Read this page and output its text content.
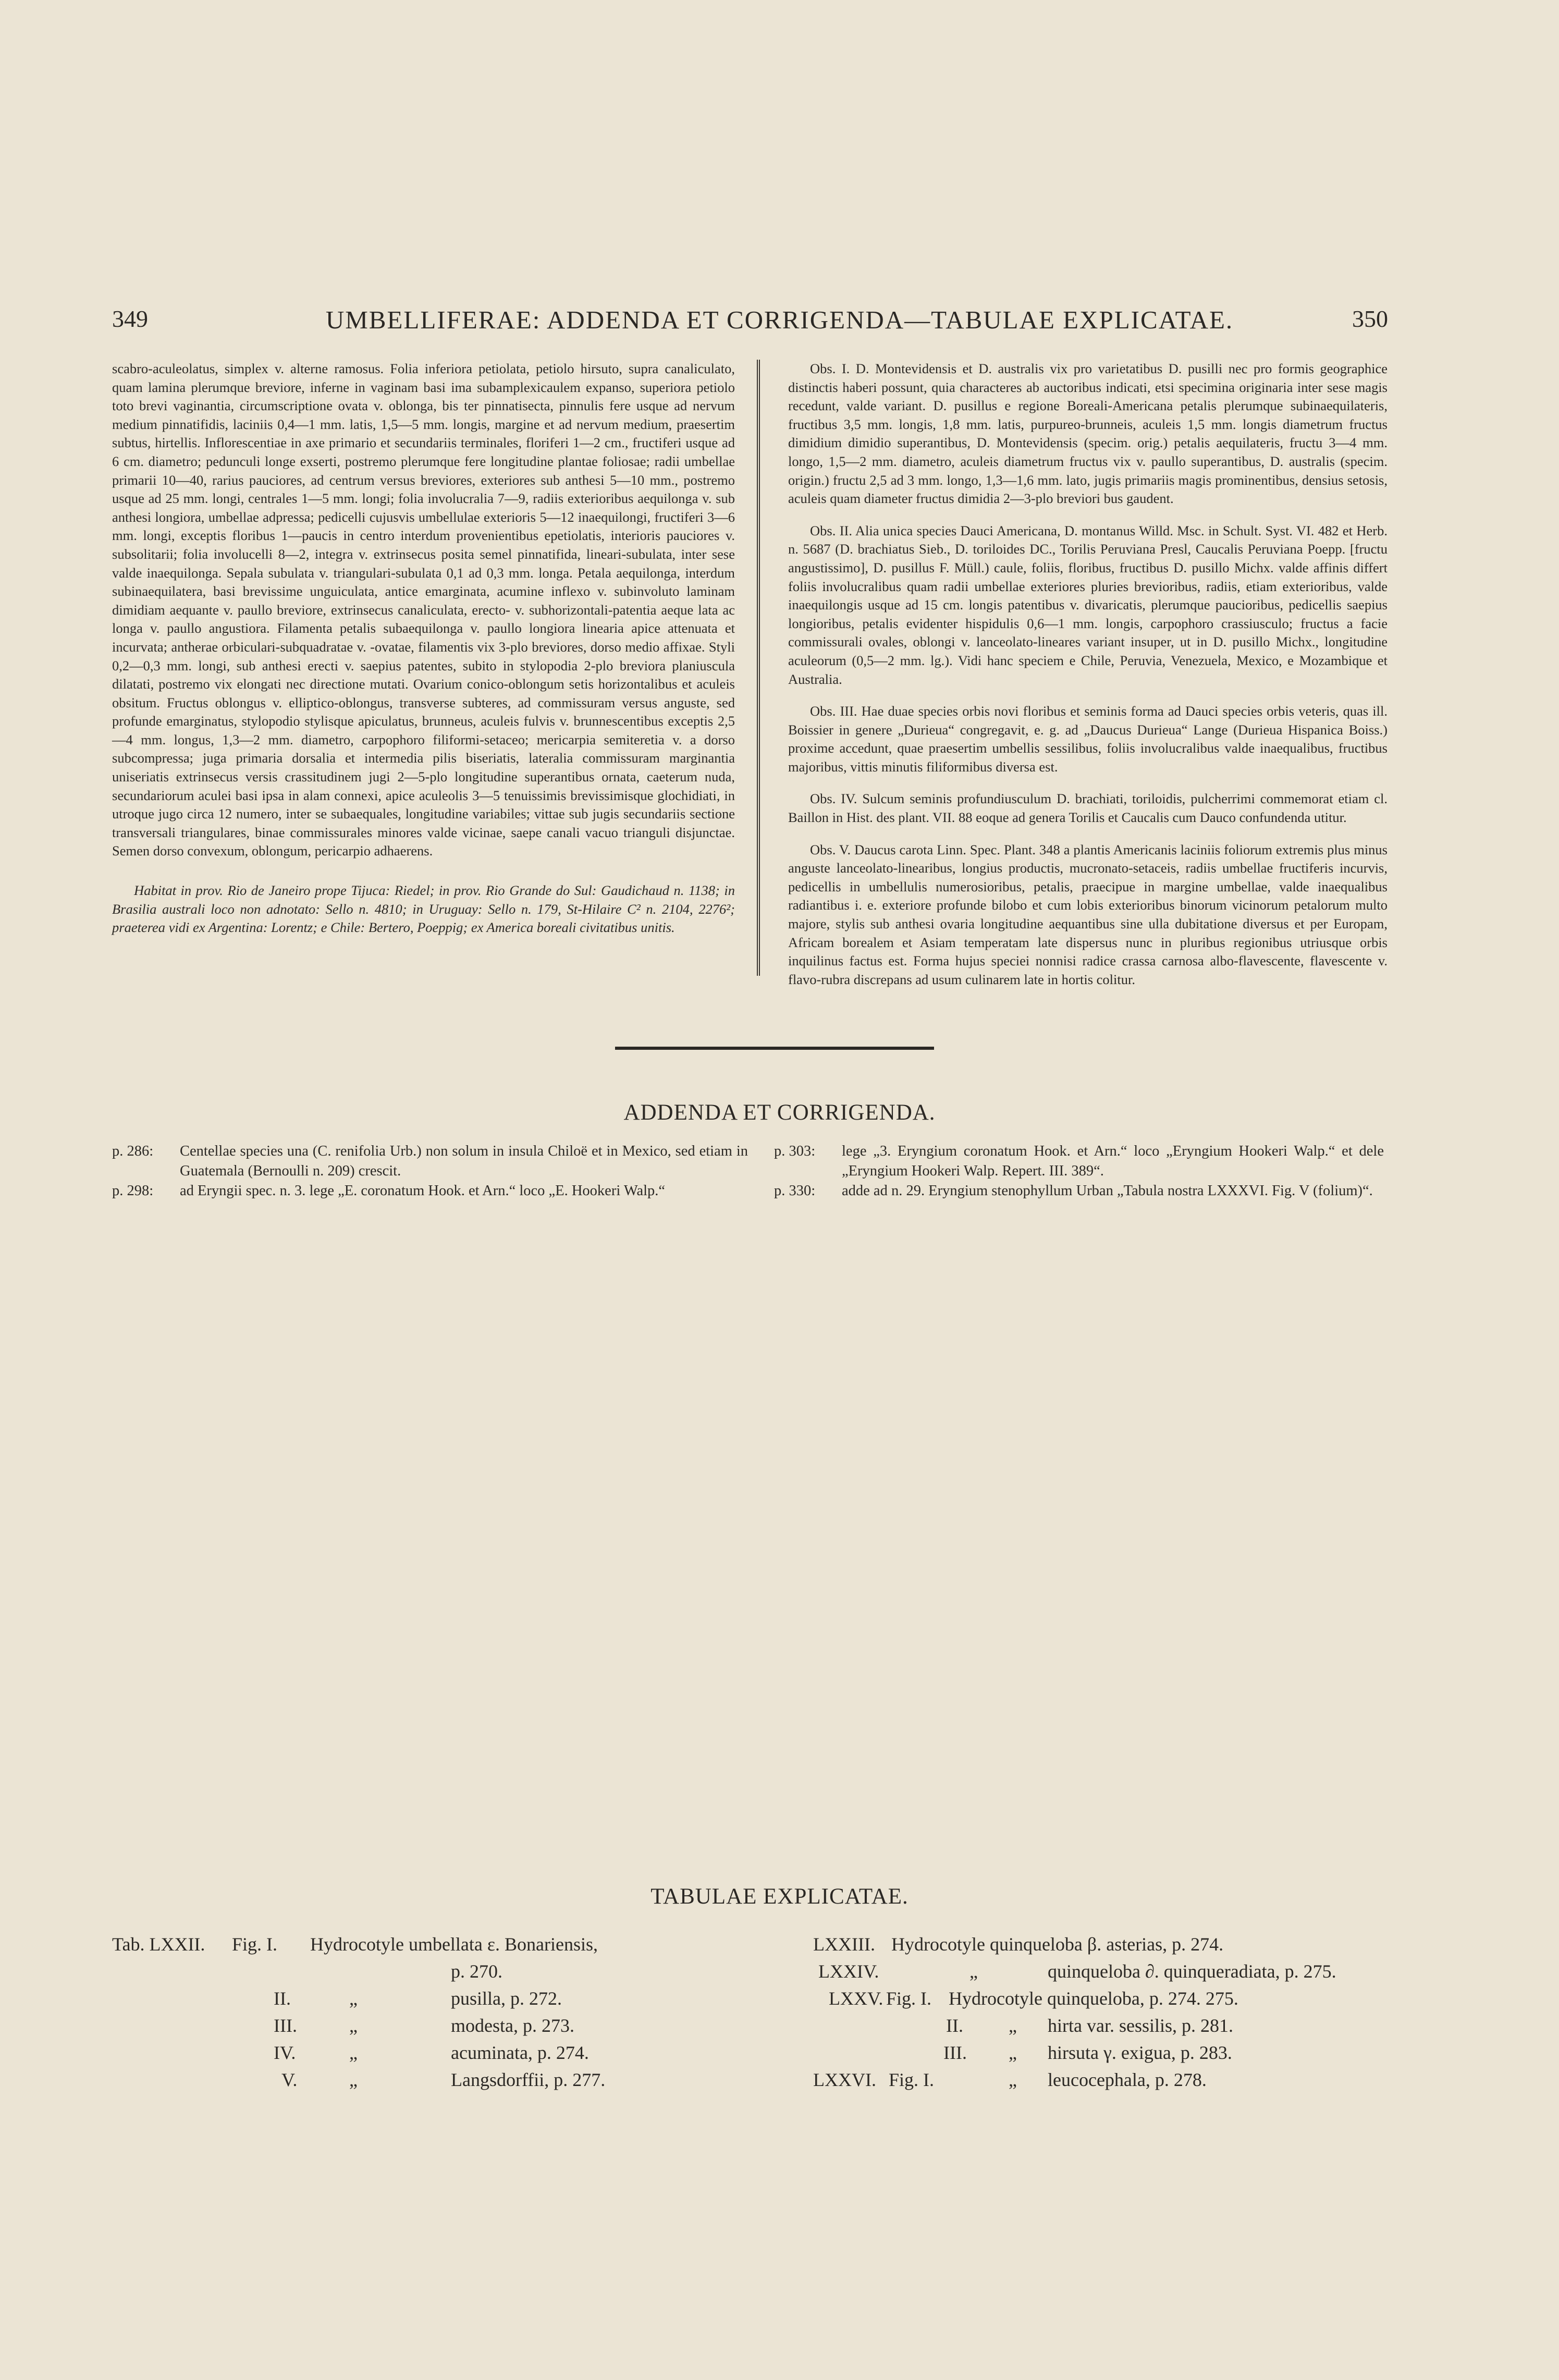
349	UMBELLIFERAE: ADDENDA ET CORRIGENDA—TABULAE EXPLICATAE.	350

scabro-aculeolatus, simplex v. alterne ramosus. Folia inferiora petiolata, petiolo hirsuto, supra canaliculato, quam lamina plerumque breviore, inferne in vaginam basi ima subamplexicaulem expanso, superiora petiolo toto brevi vaginantia, circumscriptione ovata v. oblonga, bis ter pinnatisecta, pinnulis fere usque ad nervum medium pinnatifidis, laciniis 0,4—1 mm. latis, 1,5—5 mm. longis, margine et ad nervum medium, praesertim subtus, hirtellis. Inflorescentiae in axe primario et secundariis terminales, floriferi 1—2 cm., fructiferi usque ad 6 cm. diametro; pedunculi longe exserti, postremo plerumque fere longitudine plantae foliosae; radii umbellae primarii 10—40, rarius pauciores, ad centrum versus breviores, exteriores sub anthesi 5—10 mm., postremo usque ad 25 mm. longi, centrales 1—5 mm. longi; folia involucralia 7—9, radiis exterioribus aequilonga v. sub anthesi longiora, umbellae adpressa; pedicelli cujusvis umbellulae exterioris 5—12 inaequilongi, fructiferi 3—6 mm. longi, exceptis floribus 1—paucis in centro interdum provenientibus epetiolatis, interioris pauciores v. subsolitarii; folia involucelli 8—2, integra v. extrinsecus posita semel pinnatifida, lineari-subulata, inter sese valde inaequilonga. Sepala subulata v. triangulari-subulata 0,1 ad 0,3 mm. longa. Petala aequilonga, interdum subinaequilatera, basi brevissime unguiculata, antice emarginata, acumine inflexo v. subinvoluto laminam dimidiam aequante v. paullo breviore, extrinsecus canaliculata, erecto- v. subhorizontali-patentia aeque lata ac longa v. paullo angustiora. Filamenta petalis subaequilonga v. paullo longiora linearia apice attenuata et incurvata; antherae orbiculari-subquadratae v. -ovatae, filamentis vix 3-plo breviores, dorso medio affixae. Styli 0,2—0,3 mm. longi, sub anthesi erecti v. saepius patentes, subito in stylopodia 2-plo breviora planiuscula dilatati, postremo vix elongati nec directione mutati. Ovarium conico-oblongum setis horizontalibus et aculeis obsitum. Fructus oblongus v. elliptico-oblongus, transverse subteres, ad commissuram versus anguste, sed profunde emarginatus, stylopodio stylisque apiculatus, brunneus, aculeis fulvis v. brunnescentibus exceptis 2,5—4 mm. longus, 1,3—2 mm. diametro, carpophoro filiformi-setaceo; mericarpia semiteretia v. a dorso subcompressa; juga primaria dorsalia et intermedia pilis biseriatis, lateralia commissuram marginantia uniseriatis extrinsecus versis crassitudinem jugi 2—5-plo longitudine superantibus ornata, caeterum nuda, secundariorum aculei basi ipsa in alam connexi, apice aculeolis 3—5 tenuissimis brevissimisque glochidiati, in utroque jugo circa 12 numero, inter se subaequales, longitudine variabiles; vittae sub jugis secundariis sectione transversali triangulares, binae commissurales minores valde vicinae, saepe canali vacuo trianguli disjunctae. Semen dorso convexum, oblongum, pericarpio adhaerens.

Habitat in prov. Rio de Janeiro prope Tijuca: Riedel; in prov. Rio Grande do Sul: Gaudichaud n. 1138; in Brasilia australi loco non adnotato: Sello n. 4810; in Uruguay: Sello n. 179, St-Hilaire C² n. 2104, 2276²; praeterea vidi ex Argentina: Lorentz; e Chile: Bertero, Poeppig; ex America boreali civitatibus unitis.

Obs. I. D. Montevidensis et D. australis vix pro varietatibus D. pusilli nec pro formis geographice distinctis haberi possunt, quia characteres ab auctoribus indicati, etsi specimina originaria inter sese magis recedunt, valde variant. D. pusillus e regione Boreali-Americana petalis plerumque subinaequilateris, fructibus 3,5 mm. longis, 1,8 mm. latis, purpureo-brunneis, aculeis 1,5 mm. longis diametrum fructus dimidium dimidio superantibus, D. Montevidensis (specim. orig.) petalis aequilateris, fructu 3—4 mm. longo, 1,5—2 mm. diametro, aculeis diametrum fructus vix v. paullo superantibus, D. australis (specim. origin.) fructu 2,5 ad 3 mm. longo, 1,3—1,6 mm. lato, jugis primariis magis prominentibus, densius setosis, aculeis quam diameter fructus dimidia 2—3-plo breviori bus gaudent.

Obs. II. Alia unica species Dauci Americana, D. montanus Willd. Msc. in Schult. Syst. VI. 482 et Herb. n. 5687 (D. brachiatus Sieb., D. toriloides DC., Torilis Peruviana Presl, Caucalis Peruviana Poepp. [fructu angustissimo], D. pusillus F. Müll.) caule, foliis, floribus, fructibus D. pusillo Michx. valde affinis differt foliis involucralibus quam radii umbellae exteriores pluries brevioribus, radiis, etiam exterioribus, valde inaequilongis usque ad 15 cm. longis patentibus v. divaricatis, plerumque paucioribus, pedicellis saepius longioribus, petalis evidenter hispidulis 0,6—1 mm. longis, carpophoro crassiusculo; fructus a facie commissurali ovales, oblongi v. lanceolato-lineares variant insuper, ut in D. pusillo Michx., longitudine aculeorum (0,5—2 mm. lg.). Vidi hanc speciem e Chile, Peruvia, Venezuela, Mexico, e Mozambique et Australia.

Obs. III. Hae duae species orbis novi floribus et seminis forma ad Dauci species orbis veteris, quas ill. Boissier in genere „Durieua“ congregavit, e. g. ad „Daucus Durieua“ Lange (Durieua Hispanica Boiss.) proxime accedunt, quae praesertim umbellis sessilibus, foliis involucralibus valde inaequalibus, fructibus majoribus, vittis minutis filiformibus diversa est.

Obs. IV. Sulcum seminis profundiusculum D. brachiati, toriloidis, pulcherrimi commemorat etiam cl. Baillon in Hist. des plant. VII. 88 eoque ad genera Torilis et Caucalis cum Dauco confundenda utitur.

Obs. V. Daucus carota Linn. Spec. Plant. 348 a plantis Americanis laciniis foliorum extremis plus minus anguste lanceolato-linearibus, longius productis, mucronato-setaceis, radiis umbellae fructiferis incurvis, pedicellis in umbellulis numerosioribus, petalis, praecipue in margine umbellae, valde inaequalibus radiantibus i. e. exteriore profunde bilobo et cum lobis exterioribus binorum vicinorum petalorum multo majore, stylis sub anthesi ovaria longitudine aequantibus sine ulla dubitatione diversus et per Europam, Africam borealem et Asiam temperatam late dispersus nunc in pluribus regionibus utriusque orbis inquilinus factus est. Forma hujus speciei nonnisi radice crassa carnosa albo-flavescente, flavescente v. flavo-rubra discrepans ad usum culinarem late in hortis colitur.

ADDENDA ET CORRIGENDA.
p. 286:	Centellae species una (C. renifolia Urb.) non solum in insula Chiloë et in Mexico, sed etiam in Guatemala (Bernoulli n. 209) crescit.
p. 298:	ad Eryngii spec. n. 3. lege „E. coronatum Hook. et Arn.“ loco „E. Hookeri Walp.“
p. 303:	lege „3. Eryngium coronatum Hook. et Arn.“ loco „Eryngium Hookeri Walp.“ et dele „Eryngium Hookeri Walp. Repert. III. 389“.
p. 330:	adde ad n. 29. Eryngium stenophyllum Urban „Tabula nostra LXXXVI. Fig. V (folium)“.
TABULAE EXPLICATAE.
Tab. LXXII. Fig. I. Hydrocotyle umbellata ε. Bonariensis,
p. 270.
II.	„	pusilla, p. 272.
III.	„	modesta, p. 273.
IV.	„	acuminata, p. 274.
V.	„	Langsdorffii, p. 277.
LXXIII. Hydrocotyle quinqueloba β. asterias, p. 274.
LXXIV.	„	quinqueloba ∂. quinqueradiata, p. 275.
LXXV. Fig. I. Hydrocotyle quinqueloba, p. 274. 275.
II. „ hirta var. sessilis, p. 281.
III. „ hirsuta γ. exigua, p. 283.
LXXVI. Fig. I.	„ leucocephala, p. 278.
